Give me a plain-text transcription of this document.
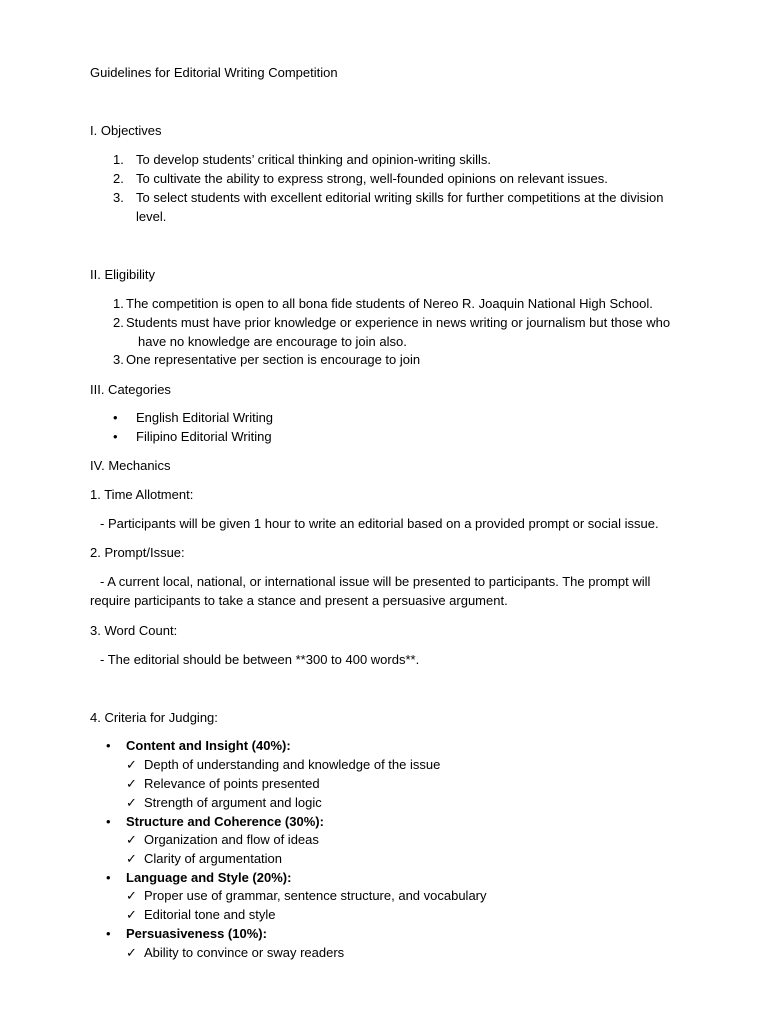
Guidelines for Editorial Writing Competition
I. Objectives
1. To develop students’ critical thinking and opinion-writing skills.
2. To cultivate the ability to express strong, well-founded opinions on relevant issues.
3. To select students with excellent editorial writing skills for further competitions at the division level.
II. Eligibility
1. The competition is open to all bona fide students of Nereo R. Joaquin National High School.
2. Students must have prior knowledge or experience in news writing or journalism but those who have no knowledge are encourage to join also.
3. One representative per section is encourage to join
III. Categories
• English Editorial Writing
• Filipino Editorial Writing
IV. Mechanics
1. Time Allotment:
- Participants will be given 1 hour to write an editorial based on a provided prompt or social issue.
2. Prompt/Issue:
- A current local, national, or international issue will be presented to participants. The prompt will require participants to take a stance and present a persuasive argument.
3. Word Count:
- The editorial should be between **300 to 400 words**.
4. Criteria for Judging:
• Content and Insight (40%):
✓ Depth of understanding and knowledge of the issue
✓ Relevance of points presented
✓ Strength of argument and logic
• Structure and Coherence (30%):
✓ Organization and flow of ideas
✓ Clarity of argumentation
• Language and Style (20%):
✓ Proper use of grammar, sentence structure, and vocabulary
✓ Editorial tone and style
• Persuasiveness (10%):
✓ Ability to convince or sway readers
